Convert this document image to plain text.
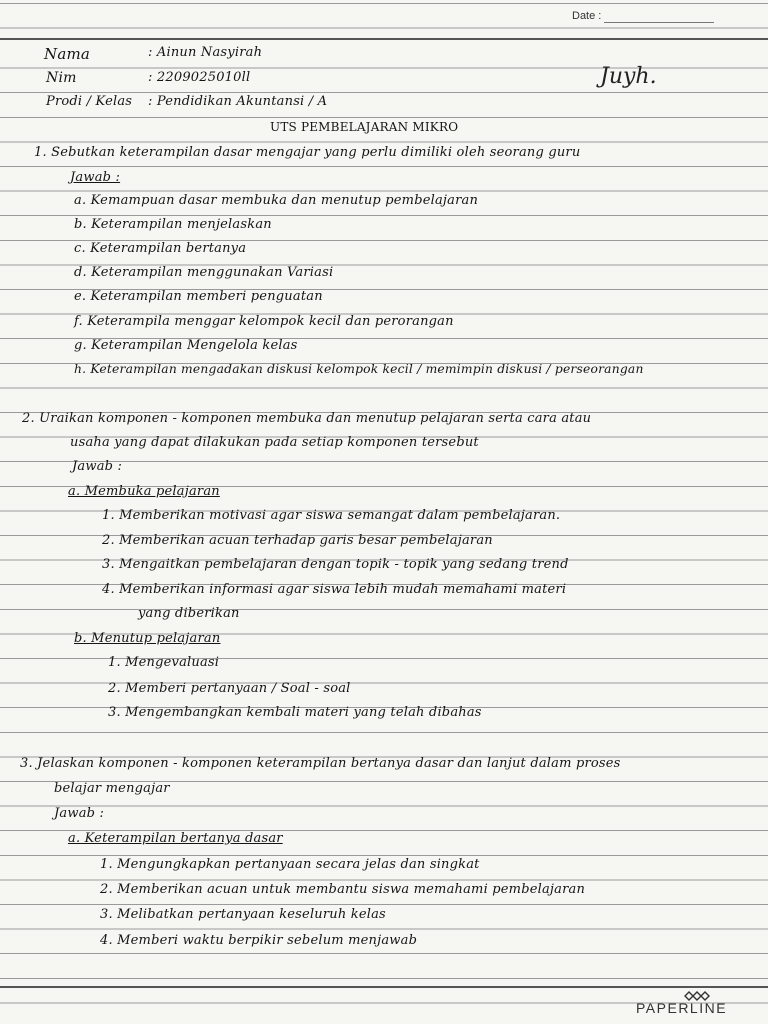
Date :

Nama	: Ainun Nasyirah
Nim	: 2209025010ll	Juyh.
Prodi / Kelas : Pendidikan Akuntansi / A
UTS PEMBELAJARAN MIKRO
1. Sebutkan keterampilan dasar mengajar yang perlu dimiliki oleh seorang guru
Jawab :
a. Kemampuan dasar membuka dan menutup pembelajaran
b. Keterampilan menjelaskan
c. Keterampilan bertanya
d. Keterampilan menggunakan Variasi
e. Keterampilan memberi penguatan
f. Keterampila menggar kelompok kecil dan perorangan
g. Keterampilan Mengelola kelas
h. Keterampilan mengadakan diskusi kelompok kecil / memimpin diskusi / perseorangan
2. Uraikan komponen - komponen membuka dan menutup pelajaran serta cara atau
usaha yang dapat dilakukan pada setiap komponen tersebut
Jawab :
a. Membuka pelajaran
1. Memberikan motivasi agar siswa semangat dalam pembelajaran.
2. Memberikan acuan terhadap garis besar pembelajaran
3. Mengaitkan pembelajaran dengan topik - topik yang sedang trend
4. Memberikan informasi agar siswa lebih mudah memahami materi
yang diberikan
b. Menutup pelajaran
1. Mengevaluasi
2. Memberi pertanyaan / Soal - soal
3. Mengembangkan kembali materi yang telah dibahas
3. Jelaskan komponen - komponen keterampilan bertanya dasar dan lanjut dalam proses
belajar mengajar
Jawab :
a. Keterampilan bertanya dasar
1. Mengungkapkan pertanyaan secara jelas dan singkat
2. Memberikan acuan untuk membantu siswa memahami pembelajaran
3. Melibatkan pertanyaan keseluruh kelas
4. Memberi waktu berpikir sebelum menjawab
PAPERLINE
